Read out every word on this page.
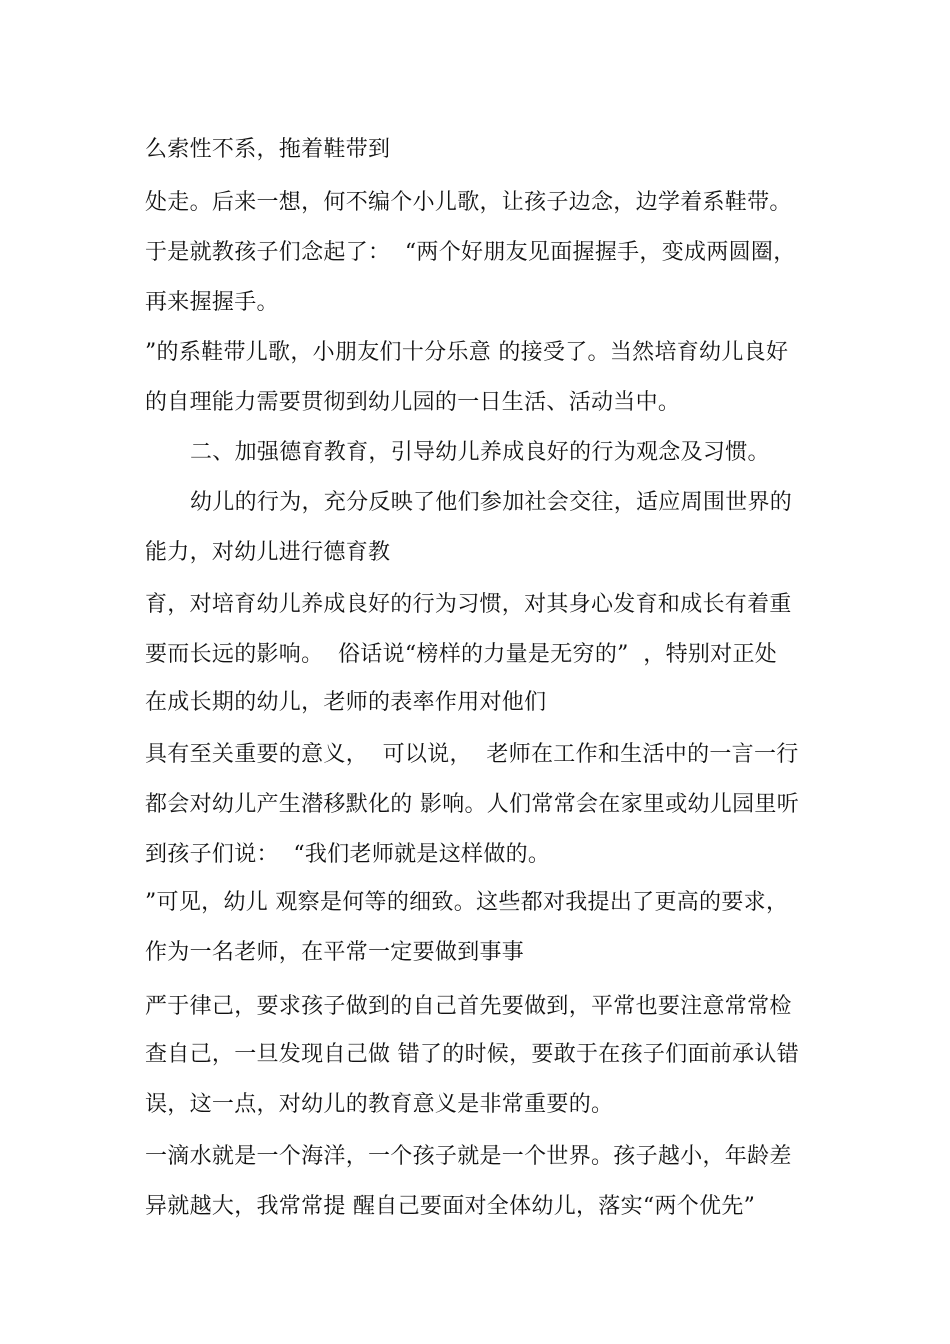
么索性不系，拖着鞋带到
处走。后来一想，何不编个小儿歌，让孩子边念，边学着系鞋带。
于是就教孩子们念起了：  “两个好朋友见面握握手，变成两圆圈，
再来握握手。
”的系鞋带儿歌，小朋友们十分乐意 的接受了。当然培育幼儿良好
的自理能力需要贯彻到幼儿园的一日生活、活动当中。
二、加强德育教育，引导幼儿养成良好的行为观念及习惯。
幼儿的行为，充分反映了他们参加社会交往，适应周围世界的
能力，对幼儿进行德育教
育，对培育幼儿养成良好的行为习惯，对其身心发育和成长有着重
要而长远的影响。  俗话说“榜样的力量是无穷的”  ，特别对正处
在成长期的幼儿，老师的表率作用对他们
具有至关重要的意义，  可以说，  老师在工作和生活中的一言一行
都会对幼儿产生潜移默化的 影响。人们常常会在家里或幼儿园里听
到孩子们说：  “我们老师就是这样做的。
”可见，幼儿 观察是何等的细致。这些都对我提出了更高的要求，
作为一名老师，在平常一定要做到事事
严于律己，要求孩子做到的自己首先要做到，平常也要注意常常检
查自己，一旦发现自己做 错了的时候，要敢于在孩子们面前承认错
误，这一点，对幼儿的教育意义是非常重要的。
一滴水就是一个海洋，一个孩子就是一个世界。孩子越小，年龄差
异就越大，我常常提 醒自己要面对全体幼儿，落实“两个优先”
